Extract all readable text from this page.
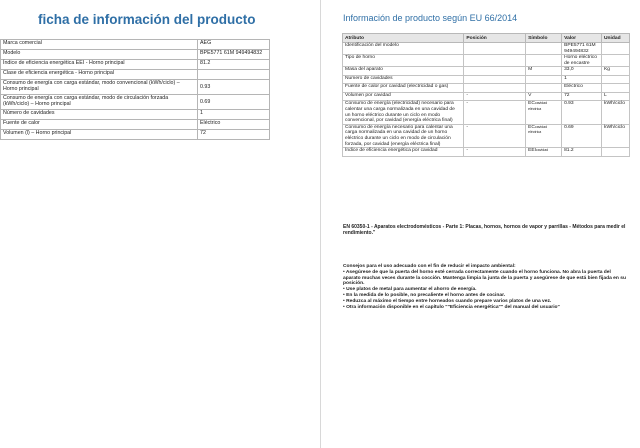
ficha de información del producto
Marca comercial	AEG
Modelo	BPE5771 61M 949494832
Índice de eficiencia energética EEI - Horno principal	81.2
Clase de eficiencia energética - Horno principal	
Consumo de energía con carga estándar, modo convencional (kWh/ciclo) – Horno principal	0.93
Consumo de energía con carga estándar, modo de circulación forzada (kWh/ciclo) – Horno principal	0.69
Número de cavidades	1
Fuente de calor	Eléctrico
Volumen (l) – Horno principal	72
Información de producto según EU 66/2014
Atributo	Posición	Símbolo	Valor	Unidad
Identificación del modelo			BPE5771 61M 949494832	
Tipo de horno			Horno eléctrico de encastre	
Masa del aparato		M	33,0	Kg
Numero de cavidades			1	
Fuente de calor por cavidad (electricidad o gas)			Eléctrico	
Volumen por cavidad	-	V	72	L
Consumo de energía (electricidad) necesario para calentar una carga normalizada en una cavidad de un horno eléctrico durante un ciclo en modo convencional, por cavidad (energía eléctrica final)	-	ECcavidad eléctrica	0.93	kWh/ciclo
Consumo de energía necesario para calentar una carga normalizada en una cavidad de un horno eléctrico durante un ciclo en modo de circulación forzada, por cavidad (energía eléctrica final)	-	ECcavidad eléctrica	0.69	kWh/ciclo
Índice de eficiencia energética por cavidad	-	EEIcavidad	81.2	
EN 60350-1 - Aparatos electrodomésticos - Parte 1: Placas, hornos, hornos de vapor y parrillas - Métodos para medir el rendimiento."
Consejos para el uso adecuado con el fin de reducir el impacto ambiental:
• Asegúrese de que la puerta del horno esté cerrada correctamente cuando el horno funciona. No abra la puerta del aparato muchas veces durante la cocción. Mantenga limpia la junta de la puerta y asegúrese de que está bien fijada en su posición.
• Use platos de metal para aumentar el ahorro de energía.
• En la medida de lo posible, no precaliente el horno antes de cocinar.
• Reduzca al máximo el tiempo entre horneados cuando prepare varios platos de una vez.
• Otra información disponible en el capítulo ""Eficiencia energética"" del manual del usuario"
